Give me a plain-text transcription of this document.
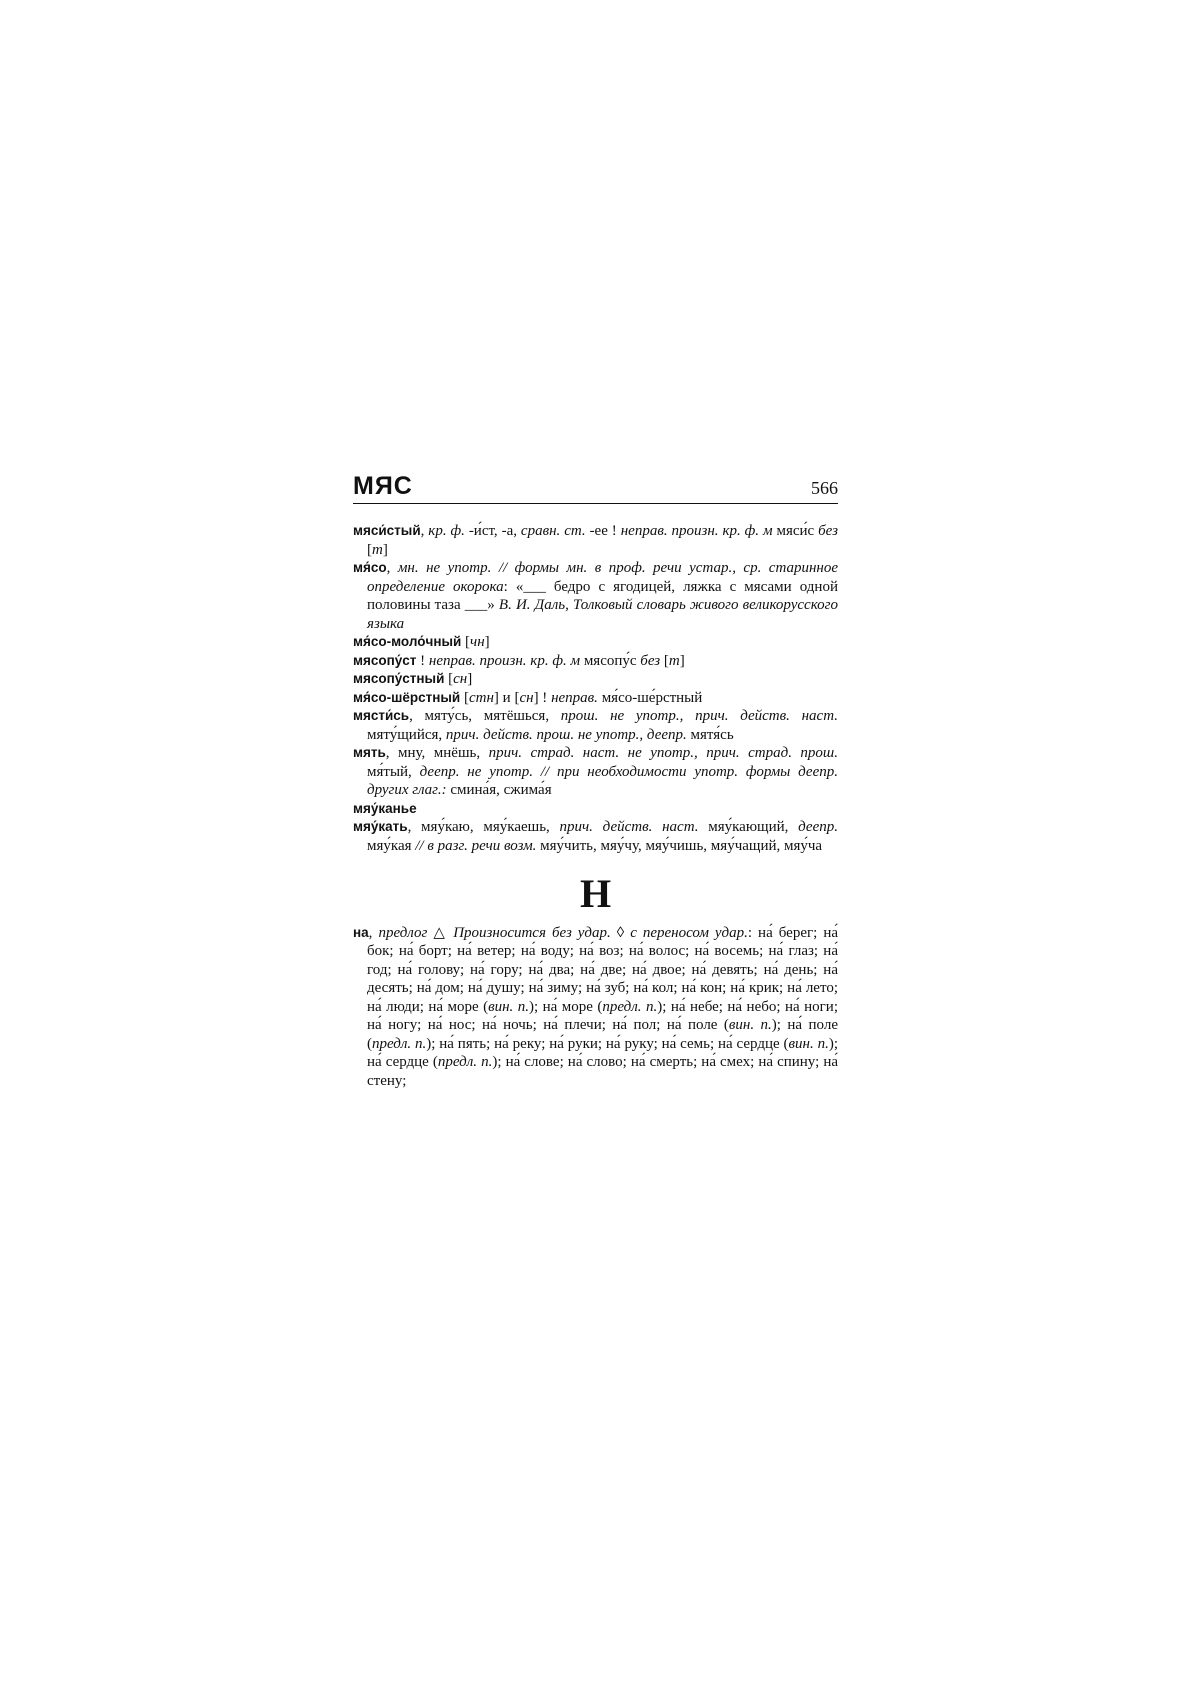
МЯС	566

мяси́стый, кр. ф. -и́ст, -а, сравн. ст. -ее ! неправ. произн. кр. ф. м мяси́с без [т]

мя́со, мн. не употр. // формы мн. в проф. речи устар., ср. старинное определение окорока: «___ бедро с ягодицей, ляжка с мясами одной половины таза ___» В. И. Даль, Толковый словарь живого великорусского языка

мя́со-моло́чный [чн]

мясопу́ст ! неправ. произн. кр. ф. м мясопу́с без [т]

мясопу́стный [сн]

мя́со-шёрстный [стн] и [сн] ! неправ. мя́со-ше́рстный

мясти́сь, мяту́сь, мятёшься, прош. не употр., прич. действ. наст. мяту́щийся, прич. действ. прош. не употр., деепр. мятя́сь

мять, мну, мнёшь, прич. страд. наст. не употр., прич. страд. прош. мя́тый, деепр. не употр. // при необходимости употр. формы деепр. других глаг.: смина́я, сжима́я

мяу́канье

мяу́кать, мяу́каю, мяу́каешь, прич. действ. наст. мяу́кающий, деепр. мяу́кая // в разг. речи возм. мяу́чить, мяу́чу, мяу́чишь, мяу́чащий, мяу́ча

Н

на, предлог △ Произносится без удар. ◊ с переносом удар.: на́ берег; на́ бок; на́ борт; на́ ветер; на́ воду; на́ воз; на́ волос; на́ восемь; на́ глаз; на́ год; на́ голову; на́ гору; на́ два; на́ две; на́ двое; на́ девять; на́ день; на́ десять; на́ дом; на́ душу; на́ зиму; на́ зуб; на́ кол; на́ кон; на́ крик; на́ лето; на́ люди; на́ море (вин. п.); на́ море (предл. п.); на́ небе; на́ небо; на́ ноги; на́ ногу; на́ нос; на́ ночь; на́ плечи; на́ пол; на́ поле (вин. п.); на́ поле (предл. п.); на́ пять; на́ реку; на́ руки; на́ руку; на́ семь; на́ сердце (вин. п.); на́ сердце (предл. п.); на́ слове; на́ слово; на́ смерть; на́ смех; на́ спину; на́ стену;
